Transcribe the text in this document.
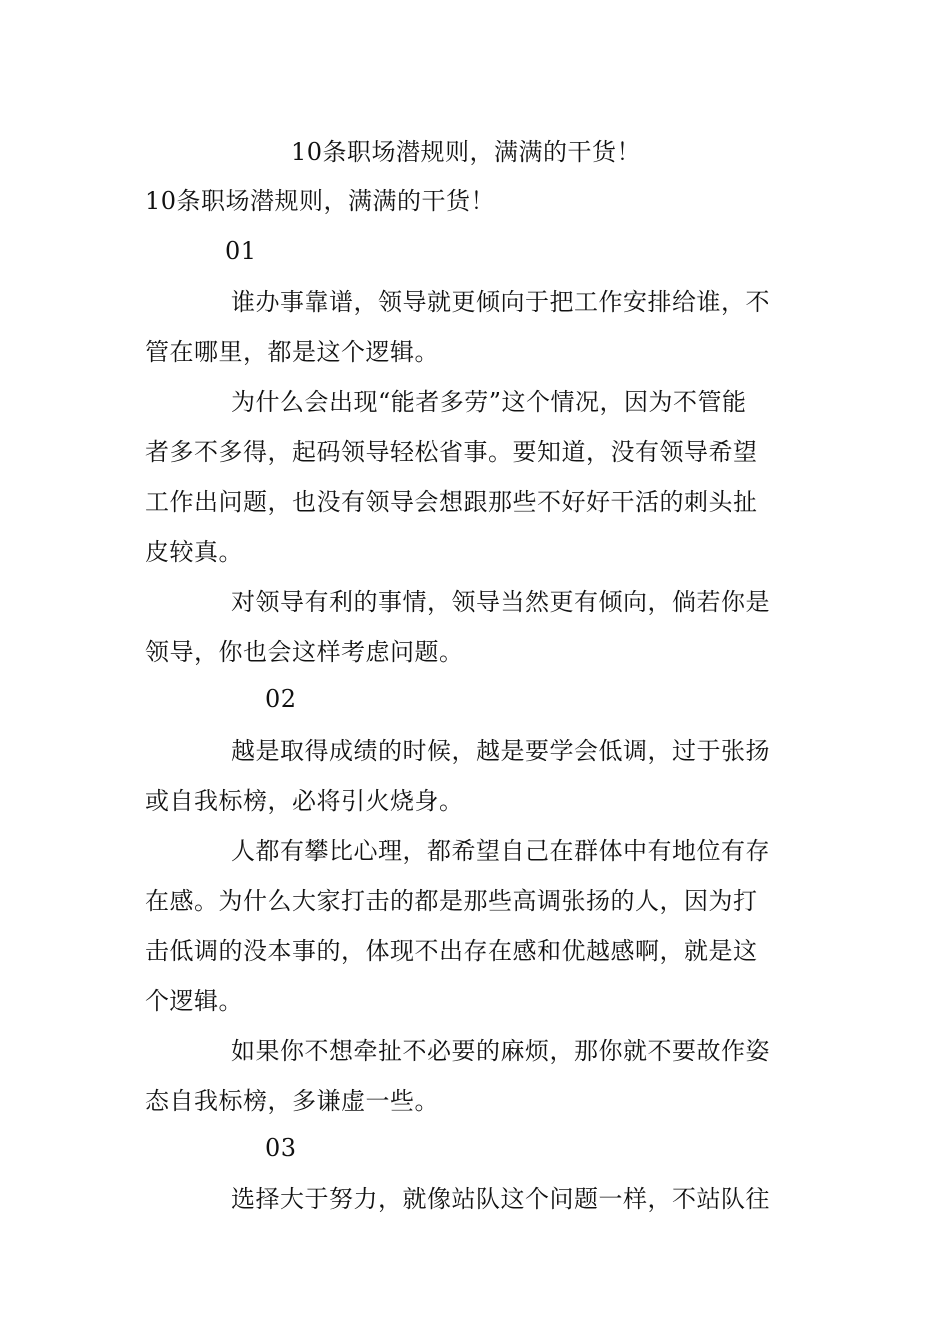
10条职场潜规则，满满的干货！
10条职场潜规则，满满的干货！
01
谁办事靠谱，领导就更倾向于把工作安排给谁，不
管在哪里，都是这个逻辑。
为什么会出现“能者多劳”这个情况，因为不管能
者多不多得，起码领导轻松省事。要知道，没有领导希望
工作出问题，也没有领导会想跟那些不好好干活的刺头扯
皮较真。
对领导有利的事情，领导当然更有倾向，倘若你是
领导，你也会这样考虑问题。
02
越是取得成绩的时候，越是要学会低调，过于张扬
或自我标榜，必将引火烧身。
人都有攀比心理，都希望自己在群体中有地位有存
在感。为什么大家打击的都是那些高调张扬的人，因为打
击低调的没本事的，体现不出存在感和优越感啊，就是这
个逻辑。
如果你不想牵扯不必要的麻烦，那你就不要故作姿
态自我标榜，多谦虚一些。
03
选择大于努力，就像站队这个问题一样，不站队往
